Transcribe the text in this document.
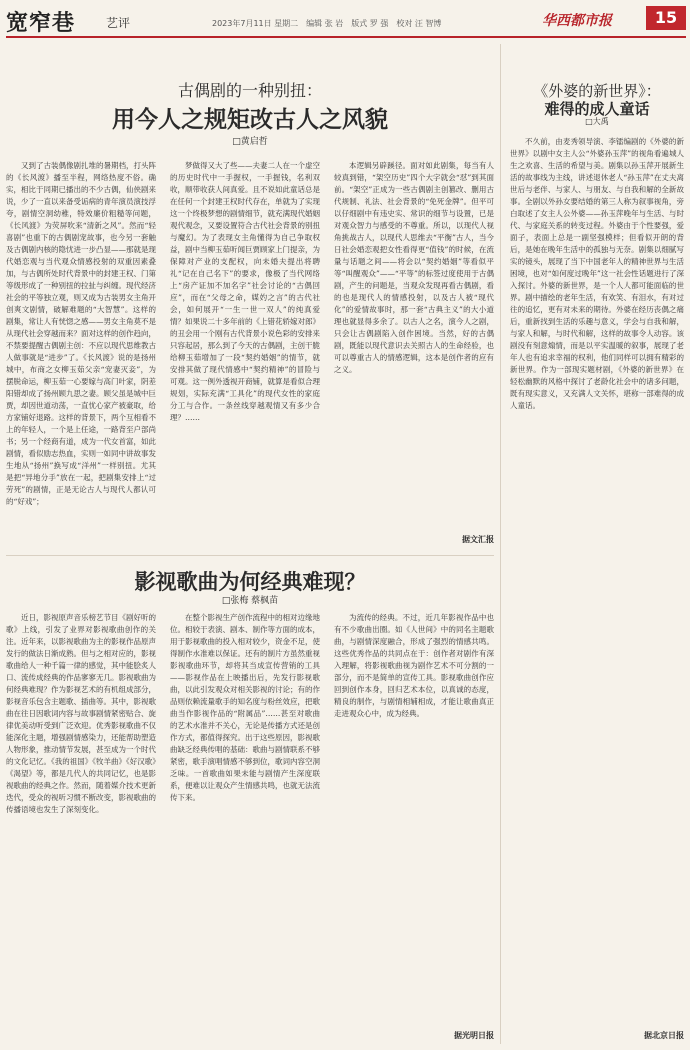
宽窄巷	艺评	2023年7月11日 星期二　编辑 张 岩　版式 罗 强　校对 汪 智博	华西都市报	15
古偶剧的一种别扭：
用今人之规矩改古人之风貌
□黄启哲

又到了古装偶像剧扎堆的暑期档，打头阵的《长风渡》播至半程，网络热度不俗。确实，相比于同期已播出的不少古偶，仙侠剧来说，少了一直以来备受诟病的青年演员演技浮夸，剧情空洞幼稚，特效廉价粗糙等问题，《长风渡》为荧屏吹来“清新之风”。然而“轻喜剧”也重下的古偶剧宠故事，也今另一套触及古偶剧内核的隐忧进一步凸显——那就是现代婚恋观与当代观众情感投射的双重因素叠加，与古偶所处时代背景中的封建王权、门第等级形成了一种别扭的拉扯与纠缠。现代经济社会的平等独立观，则又成为古装男女主角开创爽文剧情，破解难题的“大智慧”。这样的剧集，常让人有恍惚之感——男女主角莫不是从现代社会穿越而来？面对这样的创作趋向，不禁要提醒古偶剧主创：不应以现代思维教古人做事就是“进步”了。《长风渡》说的是扬州城中，布商之女柳玉茹父亲“宠妻灭妾”，为摆脱命运，柳玉茹一心要嫁与高门叶家，阴差阳错却成了扬州顾九思之妻。顾父虽是城中巨贾，却因世道动荡，一直忧心家产被豪取，给方家铺好退路。这样的背景下，两个互相看不上的年轻人，一个是上任途，一路背至户部尚书；另一个经商有道，成为一代女首富，如此剧情，看似励志热血，实则一如同中讲故事发生地从“扬州”换写成“洋州”一样别扭。尤其是把“异地分手”放在一起，把剧集安排上“过劳死”的剧情，正是无论古人与现代人都认可的“好戏”；

梦做得又大了些——夫妻二人在一个虚空的历史时代中一手握权，一手握钱，名利双收，顺带收获人间真爱。且不说如此童话总是在任何一个封建王权时代存在，单就为了实现这一个终极梦想的剧情细节，就充满现代婚姻观代观念，又要设置符合古代社会背景的别扭与魔幻。为了表现女主角懂得为自己争取权益，剧中当柳玉茹听闻巨贾顾家上门提亲，为保障对产业的支配权，向未婚夫提出将聘礼“记在自己名下”的要求，像极了当代网络上“房产证加不加名字”社会讨论的“古偶回应”，而在“父母之命，媒妁之言”的古代社会，如何展开“一生一世一双人”的纯真爱情？如果说二十多年前的《上错花轿嫁对郎》的丑会用一个刚有古代背景小说色彩的安排来只容起居，那么到了今天的古偶剧，主创干脆给柳玉茹增加了一段“契约婚姻”的情节，就安排其做了现代情感中“契约精神”的冒险与可观。这一例外透视开商铺，就算是看似合理规划，实际充满“工具化”的现代女性的家庭分工与合作。一条丝线穿越观情又有多少合理？……

本逻辑另辟蹊径。面对如此剧集，每当有人较真到错，“架空历史”四个大字就会“怼”到其面前。“架空”正成为一些古偶剧主创篡改、删用古代规制、礼法、社会背景的“免死金牌”。但平可以仔细剧中有违史实、常识的细节与设置，已是对观众智力与感受的不尊重。所以，以现代人视角挑战古人，以现代人思维去“平衡”古人，当今日社会婚恋观把女性看得更“值钱”的时候，在流量与话题之间——将会以“契约婚姻”等看似平等“叫醒观众”——“平等”的标签过度使用于古偶剧，产生的问题是，当观众发现再看古偶剧，看的也是现代人的情感投射，以及古人被“现代化”的爱情故事时，那一套“古典主义”的大小道理也就显得多余了。以古人之名，演今人之剧，只会让古偶剧陷入创作困境。当然，好的古偶剧，既能以现代意识去关照古人的生命经验，也可以尊重古人的情感逻辑，这本是创作者的应有之义。

据文汇报
影视歌曲为何经典难现？
□张梅 蔡枫苗

近日，影视原声音乐榜艺节目《剧好听的歌》上线，引发了业界对影视歌曲创作的关注。近年来，以影视歌曲为主的影视作品原声发行的做法日渐成熟。但与之相对应的，影视歌曲给人一种千篇一律的感觉，其中能脍炙人口、流传成经典的作品寥寥无几。影视歌曲为何经典难现？作为影视艺术的有机组成部分，影视音乐包含主题歌、插曲等。其中，影视歌曲在往日因歌词内容与故事剧情紧密贴合、旋律优美动听受到广泛欢迎。优秀影视歌曲不仅能深化主题，增强剧情感染力，还能帮助塑造人物形象，推动情节发展，甚至成为一个时代的文化记忆。《我的祖国》《牧羊曲》《好汉歌》《渴望》等，都是几代人的共同记忆，也是影视歌曲的经典之作。然而，随着媒介技术更新迭代，受众的视听习惯不断改变，影视歌曲的传播语境也发生了深刻变化。

在整个影视生产创作流程中的相对边缘地位。相较于表演、剧本、制作等方面的成本，用于影视歌曲的投入相对较少，资金不足，使得制作水准难以保证。还有的制片方虽然重视影视歌曲环节，却将其当成宣传营销的工具——影视作品在上映播出后，先发行影视歌曲，以此引发观众对相关影视的讨论；有的作品则依赖流量歌手的知名度与粉丝效应，把歌曲当作影视作品的“附属品”……甚至对歌曲的艺术水准并不关心，无论是传播方式还是创作方式，都值得探究。出于这些原因，影视歌曲缺乏经典传唱的基础：歌曲与剧情联系不够紧密，歌手演唱情感不够到位，歌词内容空洞乏味。一首歌曲如果未能与剧情产生深度联系，便难以让观众产生情感共鸣，也就无法流传下来。

为流传的经典。不过，近几年影视作品中也有不少歌曲出圈。如《人世间》中的同名主题歌曲，与剧情深度融合，形成了强烈的情感共鸣。这些优秀作品的共同点在于：创作者对剧作有深入理解，将影视歌曲视为剧作艺术不可分割的一部分，而不是简单的宣传工具。影视歌曲创作应回到创作本身，回归艺术本位，以真诚的态度，精良的制作，与剧情相辅相成，才能让歌曲真正走进观众心中，成为经典。

据光明日报
《外婆的新世界》：
难得的成人童话
□大禹

不久前，由麦秀领导演、李镭编剧的《外婆的新世界》以剧中女主人公“外婆孙玉萍”的视角看遍城人生之欢喜、生活的希望与美。剧集以孙玉萍开展新生活的故事线为主线，讲述退休老人“孙玉萍”在丈夫离世后与老伴、与家人、与朋友、与自我和解的全新故事。全剧以外孙女要结婚的第三人称为叙事视角，旁白取述了女主人公外婆——孙玉萍晚年与生活、与时代、与家庭关系的转变过程。外婆由于个性要强，爱面子，表面上总是一副坚强模样；但看似开朗的背后，是她在晚年生活中的孤独与无奈。剧集以细腻写实的镜头，展现了当下中国老年人的精神世界与生活困境，也对“如何度过晚年”这一社会性话题进行了深入探讨。外婆的新世界，是一个人人都可能面临的世界。剧中描绘的老年生活，有欢笑、有泪水，有对过往的追忆，更有对未来的期待。外婆在经历丧偶之痛后，重新找到生活的乐趣与意义，学会与自我和解，与家人和解，与时代和解，这样的故事令人动容。该剧没有刻意煽情，而是以平实温暖的叙事，展现了老年人也有追求幸福的权利，他们同样可以拥有精彩的新世界。作为一部现实题材剧，《外婆的新世界》在轻松幽默的风格中探讨了老龄化社会中的诸多问题，既有现实意义，又充满人文关怀，堪称一部难得的成人童话。

据北京日报
